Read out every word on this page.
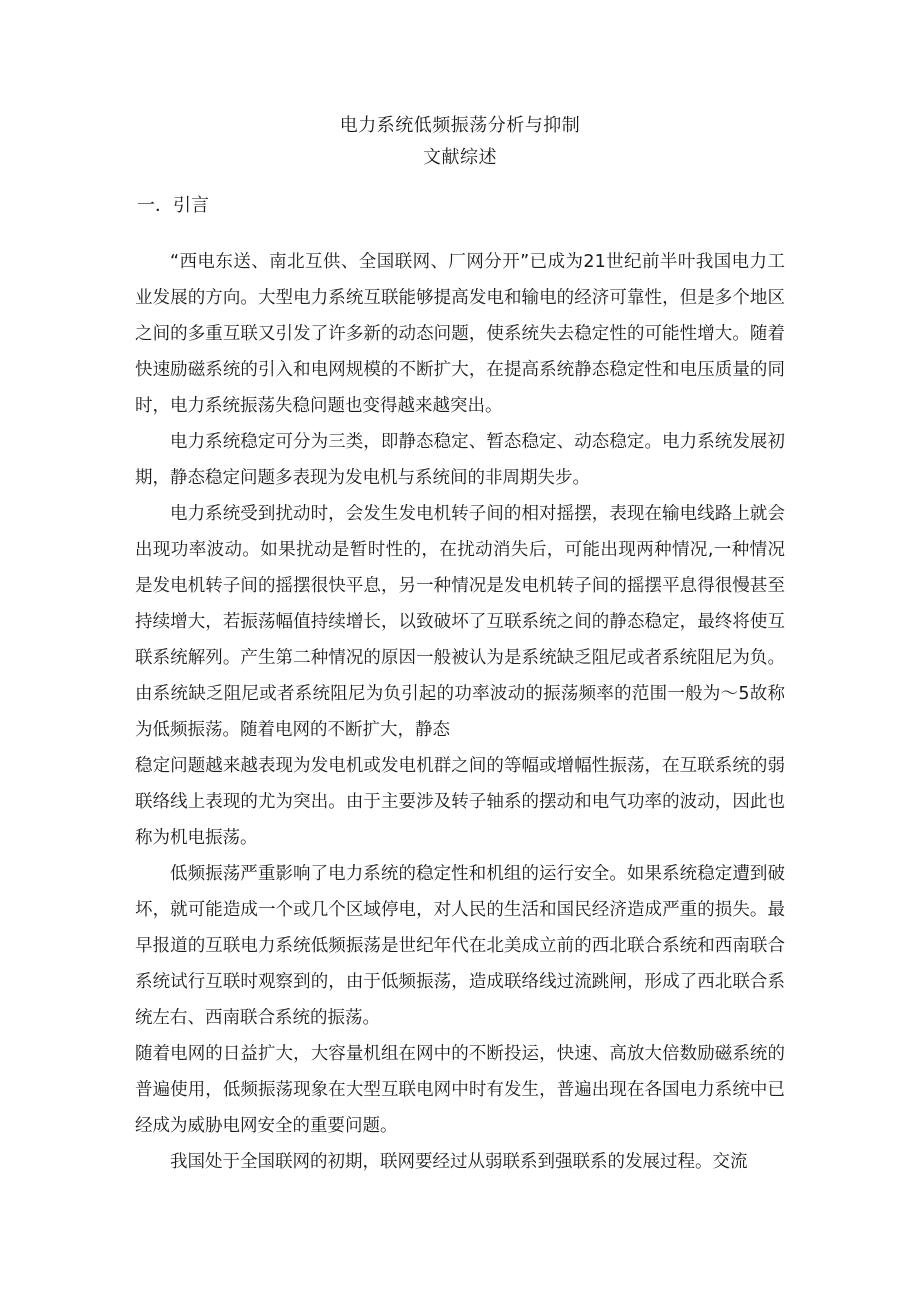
电力系统低频振荡分析与抑制
文献综述
一．引言

“西电东送、南北互供、全国联网、厂网分开”已成为21世纪前半叶我国电力工业发展的方向。大型电力系统互联能够提高发电和输电的经济可靠性，但是多个地区之间的多重互联又引发了许多新的动态问题，使系统失去稳定性的可能性增大。随着快速励磁系统的引入和电网规模的不断扩大，在提高系统静态稳定性和电压质量的同时，电力系统振荡失稳问题也变得越来越突出。

电力系统稳定可分为三类，即静态稳定、暂态稳定、动态稳定。电力系统发展初期，静态稳定问题多表现为发电机与系统间的非周期失步。

电力系统受到扰动时，会发生发电机转子间的相对摇摆，表现在输电线路上就会出现功率波动。如果扰动是暂时性的，在扰动消失后，可能出现两种情况,一种情况是发电机转子间的摇摆很快平息，另一种情况是发电机转子间的摇摆平息得很慢甚至持续增大，若振荡幅值持续增长，以致破坏了互联系统之间的静态稳定，最终将使互联系统解列。产生第二种情况的原因一般被认为是系统缺乏阻尼或者系统阻尼为负。由系统缺乏阻尼或者系统阻尼为负引起的功率波动的振荡频率的范围一般为～5故称为低频振荡。随着电网的不断扩大，静态

稳定问题越来越表现为发电机或发电机群之间的等幅或增幅性振荡，在互联系统的弱联络线上表现的尤为突出。由于主要涉及转子轴系的摆动和电气功率的波动，因此也称为机电振荡。

低频振荡严重影响了电力系统的稳定性和机组的运行安全。如果系统稳定遭到破坏，就可能造成一个或几个区域停电，对人民的生活和国民经济造成严重的损失。最早报道的互联电力系统低频振荡是世纪年代在北美成立前的西北联合系统和西南联合系统试行互联时观察到的，由于低频振荡，造成联络线过流跳闸，形成了西北联合系统左右、西南联合系统的振荡。

随着电网的日益扩大，大容量机组在网中的不断投运，快速、高放大倍数励磁系统的普遍使用，低频振荡现象在大型互联电网中时有发生，普遍出现在各国电力系统中已经成为威胁电网安全的重要问题。

我国处于全国联网的初期，联网要经过从弱联系到强联系的发展过程。交流
